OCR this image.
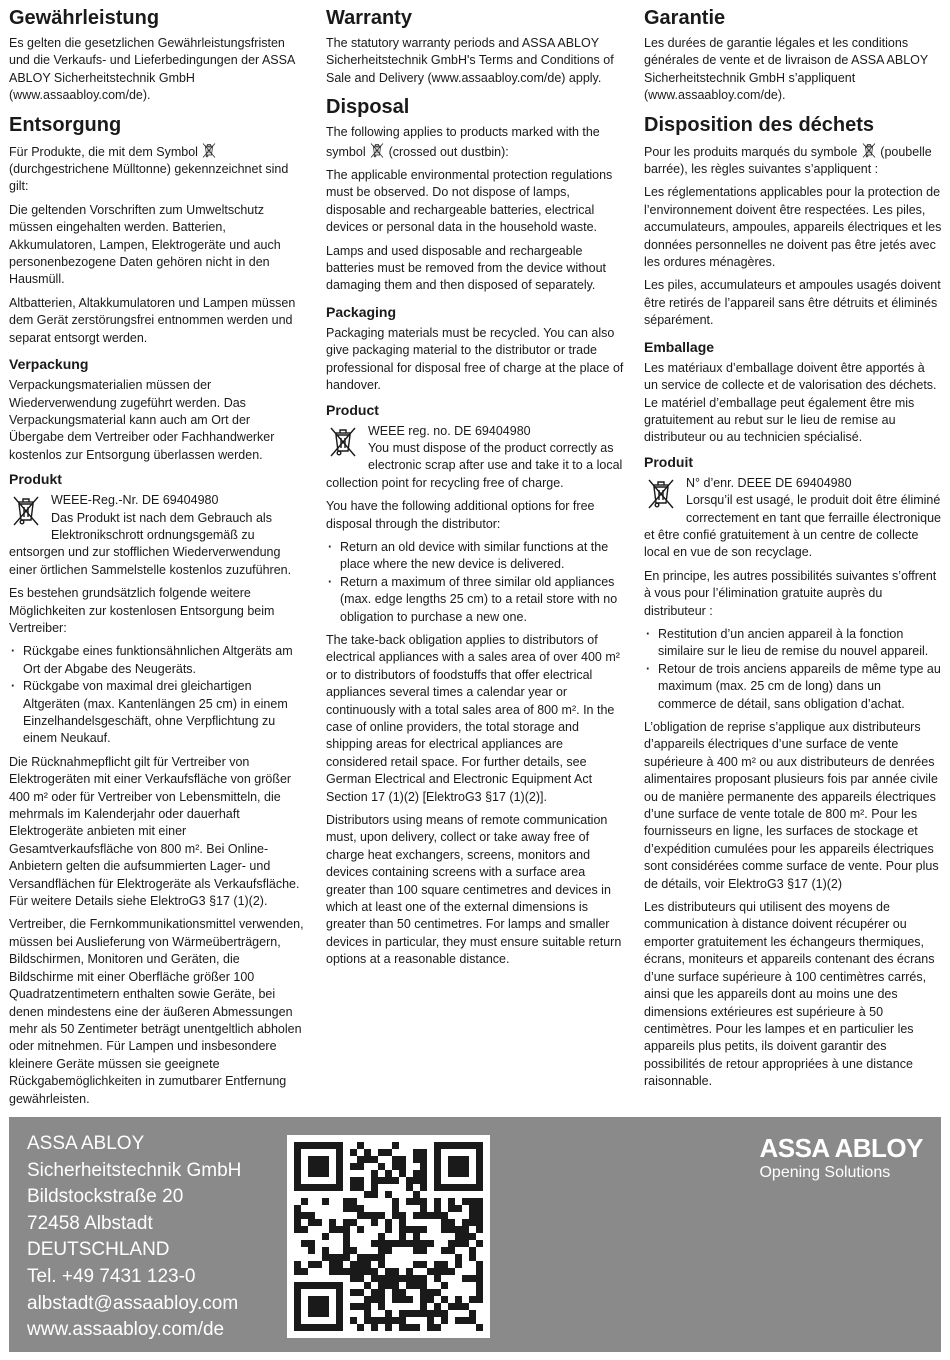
Gewährleistung

Es gelten die gesetzlichen Gewährleistungsfristen und die Verkaufs- und Lieferbedingungen der ASSA ABLOY Sicherheitstechnik GmbH (www.assaabloy.com/de).

Entsorgung

Für Produkte, die mit dem Symbol  (durchgestrichene Mülltonne) gekennzeichnet sind gilt:

Die geltenden Vorschriften zum Umweltschutz müssen eingehalten werden. Batterien, Akkumulatoren, Lampen, Elektrogeräte und auch personenbezogene Daten gehören nicht in den Hausmüll.

Altbatterien, Altakkumulatoren und Lampen müssen dem Gerät zerstörungsfrei entnommen werden und separat entsorgt werden.

Verpackung

Verpackungsmaterialien müssen der Wiederverwendung zugeführt werden. Das Verpackungsmaterial kann auch am Ort der Übergabe dem Vertreiber oder Fachhandwerker kostenlos zur Entsorgung überlassen werden.

Produkt

WEEE-Reg.-Nr. DE 69404980

Das Produkt ist nach dem Gebrauch als Elektronikschrott ordnungsgemäß zu entsorgen und zur stofflichen Wiederverwendung einer örtlichen Sammelstelle kostenlos zuzuführen.

Es bestehen grundsätzlich folgende weitere Möglichkeiten zur kostenlosen Entsorgung beim Vertreiber:

· Rückgabe eines funktionsähnlichen Altgeräts am Ort der Abgabe des Neugeräts.
· Rückgabe von maximal drei gleichartigen Altgeräten (max. Kantenlängen 25 cm) in einem Einzelhandelsgeschäft, ohne Verpflichtung zu einem Neukauf.

Die Rücknahmepflicht gilt für Vertreiber von Elektrogeräten mit einer Verkaufsfläche von größer 400 m² oder für Vertreiber von Lebensmitteln, die mehrmals im Kalenderjahr oder dauerhaft Elektrogeräte anbieten mit einer Gesamtverkaufsfläche von 800 m². Bei Online-Anbietern gelten die aufsummierten Lager- und Versandflächen für Elektrogeräte als Verkaufsfläche. Für weitere Details siehe ElektroG3 §17 (1)(2).

Vertreiber, die Fernkommunikationsmittel verwenden, müssen bei Auslieferung von Wärmeüberträgern, Bildschirmen, Monitoren und Geräten, die Bildschirme mit einer Oberfläche größer 100 Quadratzentimetern enthalten sowie Geräte, bei denen mindestens eine der äußeren Abmessungen mehr als 50 Zentimeter beträgt unentgeltlich abholen oder mitnehmen. Für Lampen und insbesondere kleinere Geräte müssen sie geeignete Rückgabemöglichkeiten in zumutbarer Entfernung gewährleisten.

Warranty

The statutory warranty periods and ASSA ABLOY Sicherheitstechnik GmbH's Terms and Conditions of Sale and Delivery (www.assaabloy.com/de) apply.

Disposal

The following applies to products marked with the symbol (crossed out dustbin):

The applicable environmental protection regulations must be observed. Do not dispose of lamps, disposable and rechargeable batteries, electrical devices or personal data in the household waste.

Lamps and used disposable and rechargeable batteries must be removed from the device without damaging them and then disposed of separately.

Packaging

Packaging materials must be recycled. You can also give packaging material to the distributor or trade professional for disposal free of charge at the place of handover.

Product

WEEE reg. no. DE 69404980

You must dispose of the product correctly as electronic scrap after use and take it to a local collection point for recycling free of charge.

You have the following additional options for free disposal through the distributor:

· Return an old device with similar functions at the place where the new device is delivered.
· Return a maximum of three similar old appliances (max. edge lengths 25 cm) to a retail store with no obligation to purchase a new one.

The take-back obligation applies to distributors of electrical appliances with a sales area of over 400 m² or to distributors of foodstuffs that offer electrical appliances several times a calendar year or continuously with a total sales area of 800 m². In the case of online providers, the total storage and shipping areas for electrical appliances are considered retail space. For further details, see German Electrical and Electronic Equipment Act Section 17 (1)(2) [ElektroG3 §17 (1)(2)].

Distributors using means of remote communication must, upon delivery, collect or take away free of charge heat exchangers, screens, monitors and devices containing screens with a surface area greater than 100 square centimetres and devices in which at least one of the external dimensions is greater than 50 centimetres. For lamps and smaller devices in particular, they must ensure suitable return options at a reasonable distance.

Garantie

Les durées de garantie légales et les conditions générales de vente et de livraison de ASSA ABLOY Sicherheitstechnik GmbH s’appliquent (www.assaabloy.com/de).

Disposition des déchets

Pour les produits marqués du symbole (poubelle barrée), les règles suivantes s’appliquent :

Les réglementations applicables pour la protection de l’environnement doivent être respectées. Les piles, accumulateurs, ampoules, appareils électriques et les données personnelles ne doivent pas être jetés avec les ordures ménagères.

Les piles, accumulateurs et ampoules usagés doivent être retirés de l’appareil sans être détruits et éliminés séparément.

Emballage

Les matériaux d’emballage doivent être apportés à un service de collecte et de valorisation des déchets. Le matériel d’emballage peut également être mis gratuitement au rebut sur le lieu de remise au distributeur ou au technicien spécialisé.

Produit

N° d’enr. DEEE DE 69404980

Lorsqu’il est usagé, le produit doit être éliminé correctement en tant que ferraille électronique et être confié gratuitement à un centre de collecte local en vue de son recyclage.

En principe, les autres possibilités suivantes s’offrent à vous pour l’élimination gratuite auprès du distributeur :

· Restitution d’un ancien appareil à la fonction similaire sur le lieu de remise du nouvel appareil.
· Retour de trois anciens appareils de même type au maximum (max. 25 cm de long) dans un commerce de détail, sans obligation d’achat.

L’obligation de reprise s’applique aux distributeurs d’appareils électriques d’une surface de vente supérieure à 400 m² ou aux distributeurs de denrées alimentaires proposant plusieurs fois par année civile ou de manière permanente des appareils électriques d’une surface de vente totale de 800 m². Pour les fournisseurs en ligne, les surfaces de stockage et d’expédition cumulées pour les appareils électriques sont considérées comme surface de vente. Pour plus de détails, voir ElektroG3 §17 (1)(2)

Les distributeurs qui utilisent des moyens de communication à distance doivent récupérer ou emporter gratuitement les échangeurs thermiques, écrans, moniteurs et appareils contenant des écrans d’une surface supérieure à 100 centimètres carrés, ainsi que les appareils dont au moins une des dimensions extérieures est supérieure à 50 centimètres. Pour les lampes et en particulier les appareils plus petits, ils doivent garantir des possibilités de retour appropriées à une distance raisonnable.

ASSA ABLOY
Sicherheitstechnik GmbH
Bildstockstraße 20
72458 Albstadt
DEUTSCHLAND
Tel. +49 7431 123-0
albstadt@assaabloy.com
www.assaabloy.com/de
ASSA ABLOY
Opening Solutions
